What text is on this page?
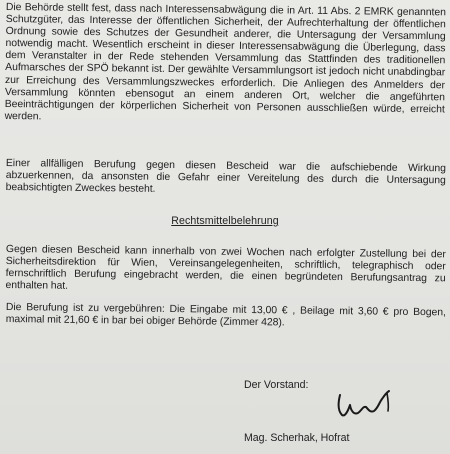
Die Behörde stellt fest, dass nach Interessensabwägung die in Art. 11 Abs. 2 EMRK genannten Schutzgüter, das Interesse der öffentlichen Sicherheit, der Aufrechterhaltung der öffentlichen Ordnung sowie des Schutzes der Gesundheit anderer, die Untersagung der Versammlung notwendig macht. Wesentlich erscheint in dieser Interessensabwägung die Überlegung, dass dem Veranstalter in der Rede stehenden Versammlung das Stattfinden des traditionellen Aufmarsches der SPÖ bekannt ist. Der gewählte Versammlungsort ist jedoch nicht unabdingbar zur Erreichung des Versammlungszweckes erforderlich. Die Anliegen des Anmelders der Versammlung könnten ebensogut an einem anderen Ort, welcher die angeführten Beeinträchtigungen der körperlichen Sicherheit von Personen ausschließen würde, erreicht werden.

Einer allfälligen Berufung gegen diesen Bescheid war die aufschiebende Wirkung abzuerkennen, da ansonsten die Gefahr einer Vereitelung des durch die Untersagung beabsichtigten Zweckes besteht.

Rechtsmittelbelehrung

Gegen diesen Bescheid kann innerhalb von zwei Wochen nach erfolgter Zustellung bei der Sicherheitsdirektion für Wien, Vereinsangelegenheiten, schriftlich, telegraphisch oder fernschriftlich Berufung eingebracht werden, die einen begründeten Berufungsantrag zu enthalten hat.

Die Berufung ist zu vergebühren: Die Eingabe mit 13,00 € , Beilage mit 3,60 € pro Bogen, maximal mit 21,60 € in bar bei obiger Behörde (Zimmer 428).

Der Vorstand:

Mag. Scherhak, Hofrat
